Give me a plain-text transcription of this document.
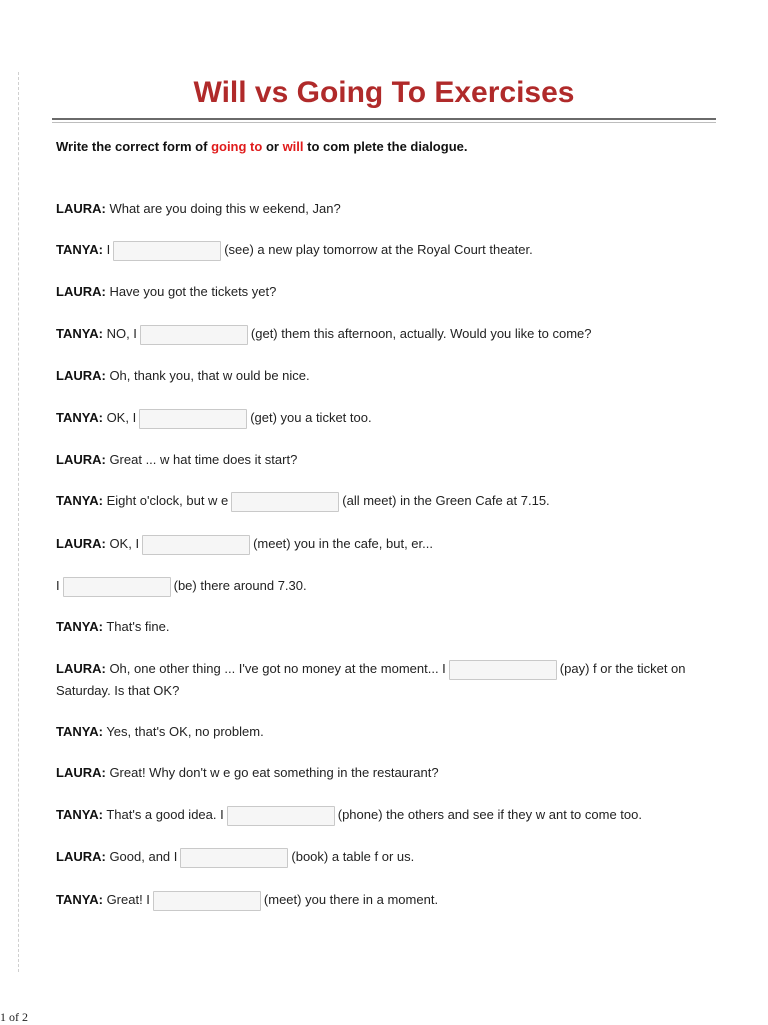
Will vs Going To Exercises
Write the correct form of going to or will to com plete the dialogue.
LAURA: What are you doing this w eekend, Jan?
TANYA: I	(see) a new play tomorrow at the Royal Court theater.
LAURA: Have you got the tickets yet?
TANYA: NO, I	(get) them this afternoon, actually. Would you like to come?
LAURA: Oh, thank you, that w ould be nice.
TANYA: OK, I	(get) you a ticket too.
LAURA: Great ... w hat time does it start?
TANYA: Eight o'clock, but w e	(all meet) in the Green Cafe at 7.15.
LAURA: OK, I	(meet) you in the cafe, but, er...
I	(be) there around 7.30.
TANYA: That's fine.
LAURA: Oh, one other thing ... I've got no money at the moment... I	(pay) f or the ticket on Saturday. Is that OK?
TANYA: Yes, that's OK, no problem.
LAURA: Great! Why don't w e go eat something in the restaurant?
TANYA: That's a good idea. I	(phone) the others and see if they w ant to come too.
LAURA: Good, and I	(book) a table f or us.
TANYA: Great! I	(meet) you there in a moment.
1 of 2
